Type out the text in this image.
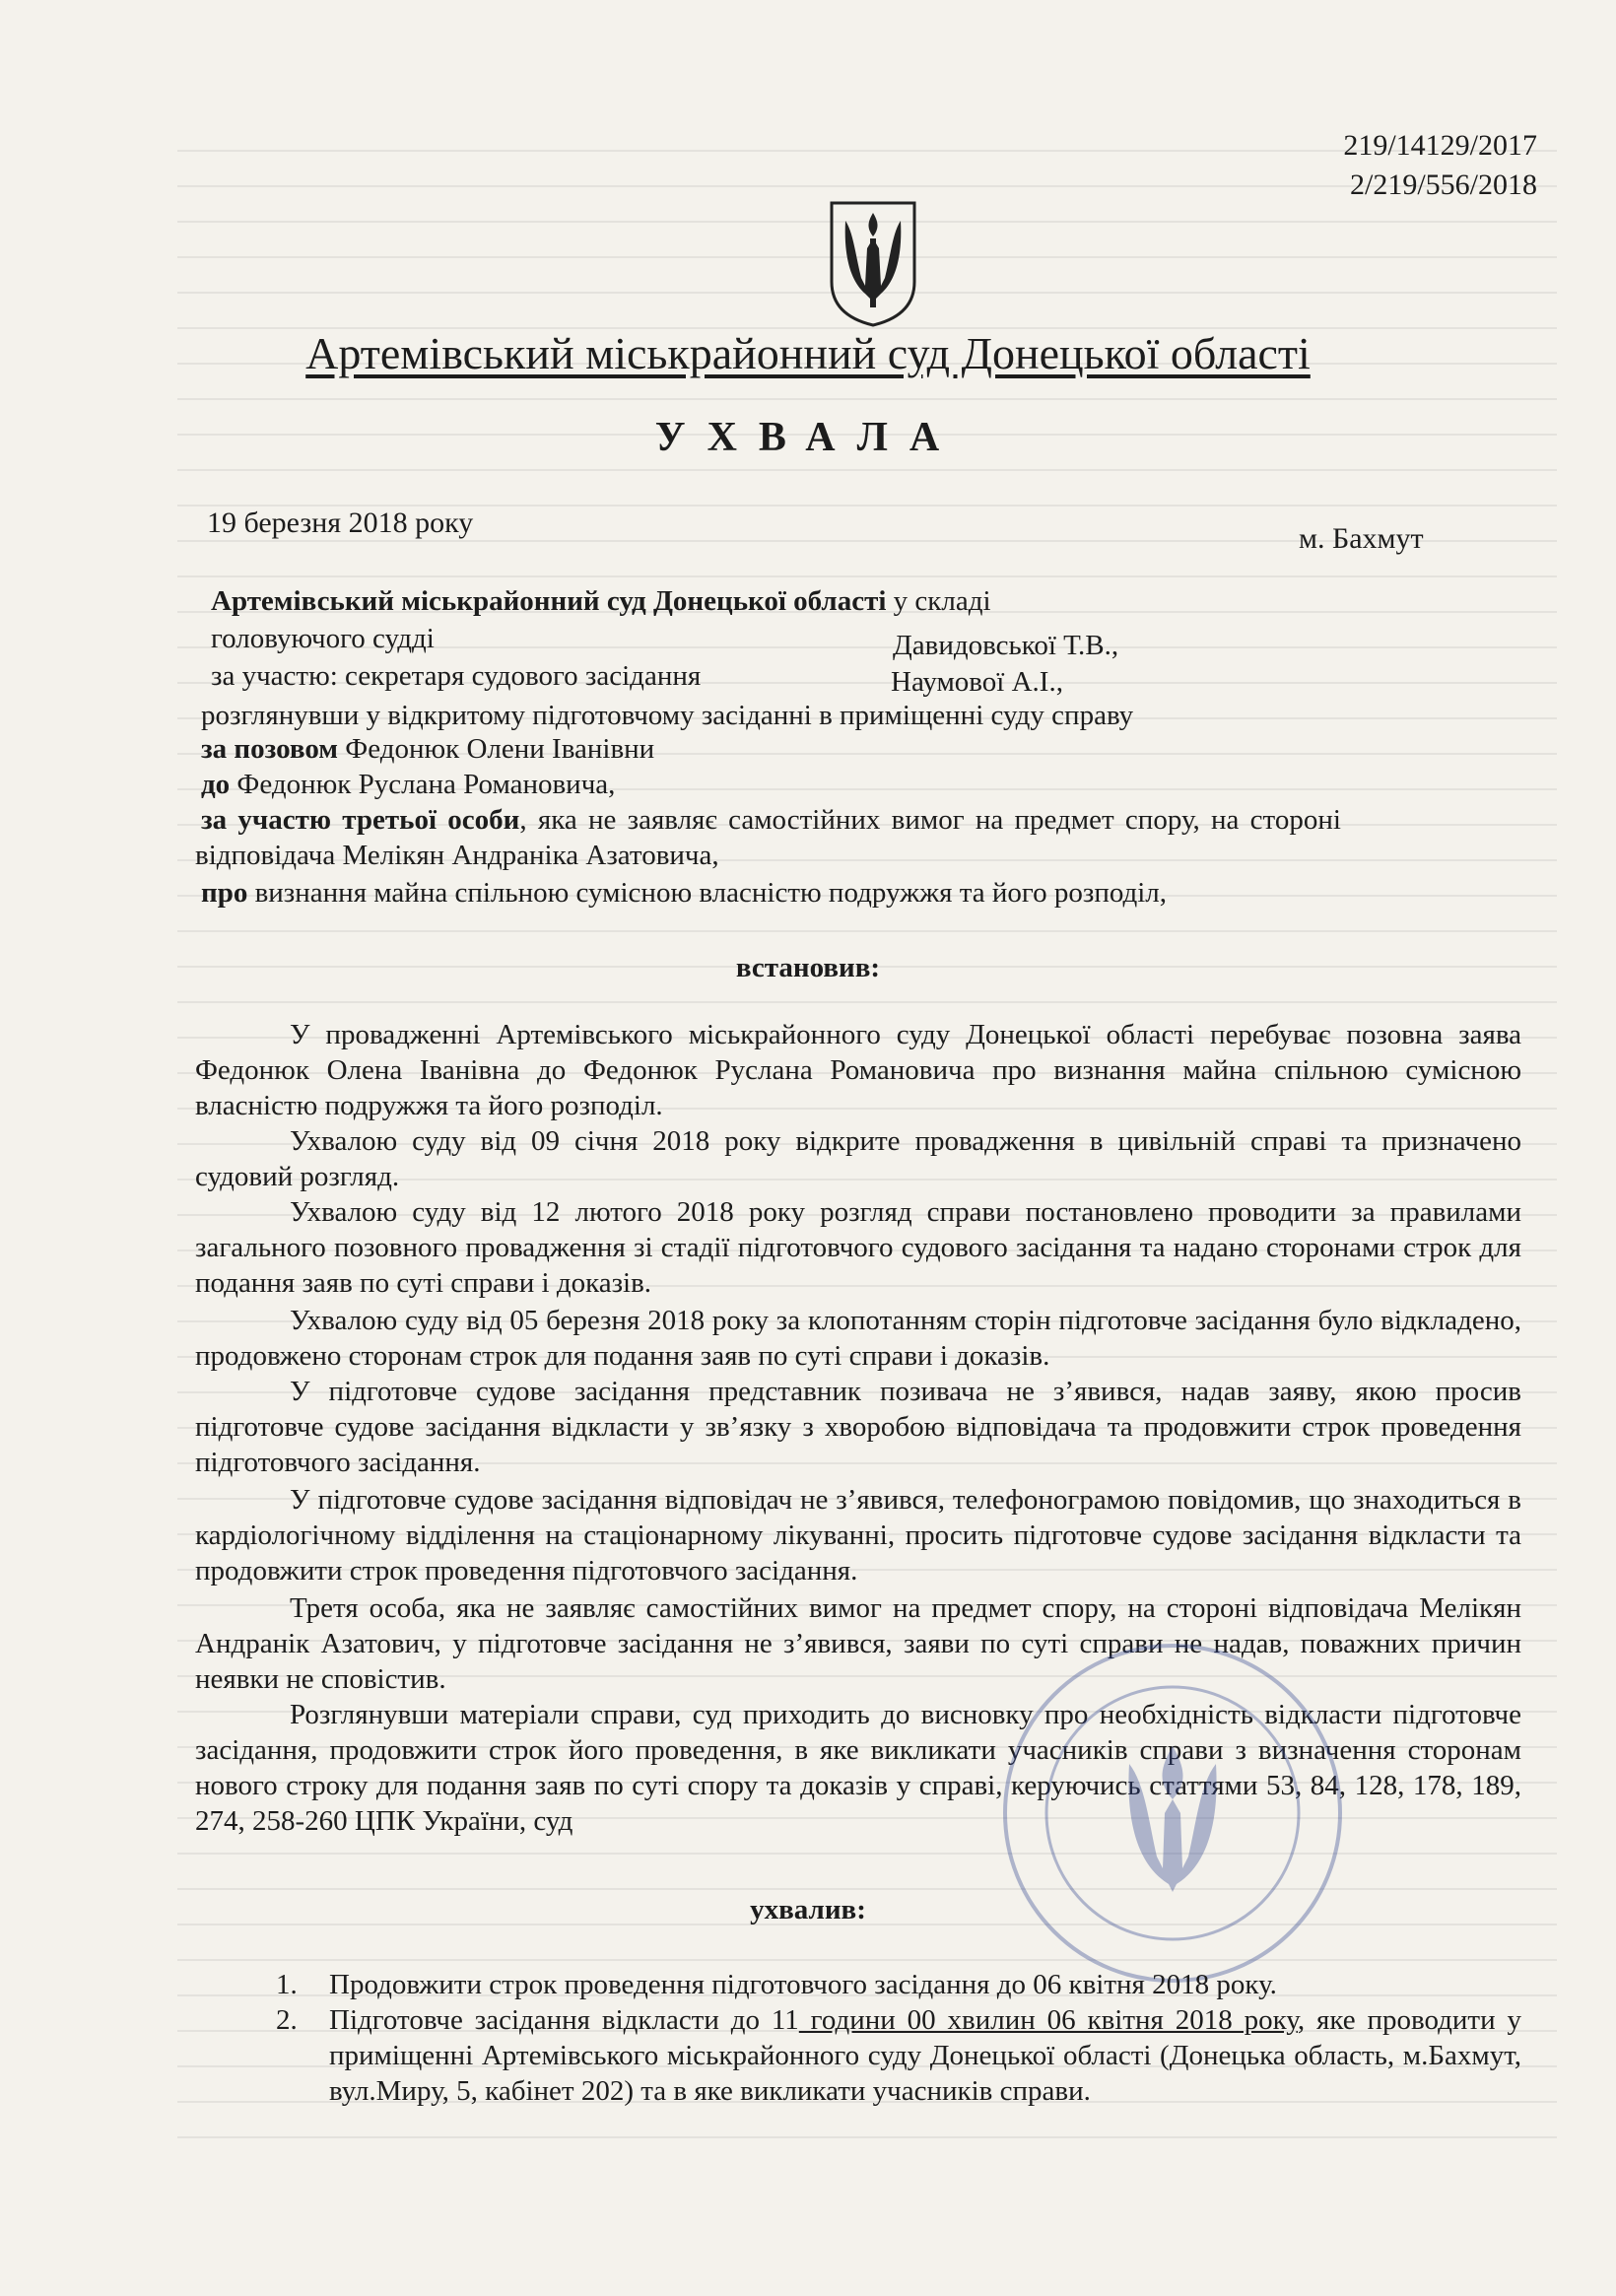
219/14129/2017
2/219/556/2018
Артемівський міськрайонний суд Донецької області
УХВАЛА
19 березня 2018 року	м. Бахмут
Артемівський міськрайонний суд Донецької області у складі
головуючого судді	Давидовської Т.В.,
за участю: секретаря судового засідання	Наумової А.І.,
розглянувши у відкритому підготовчому засіданні в приміщенні суду справу
за позовом Федонюк Олени Іванівни
до Федонюк Руслана Романовича,
за участю третьої особи, яка не заявляє самостійних вимог на предмет спору, на стороні
відповідача Мелікян Андраніка Азатовича,
про визнання майна спільною сумісною власністю подружжя та його розподіл,
встановив:
У провадженні Артемівського міськрайонного суду Донецької області перебуває позовна заява Федонюк Олена Іванівна до Федонюк Руслана Романовича про визнання майна спільною сумісною власністю подружжя та його розподіл.
Ухвалою суду від 09 січня 2018 року відкрите провадження в цивільній справі та призначено судовий розгляд.
Ухвалою суду від 12 лютого 2018 року розгляд справи постановлено проводити за правилами загального позовного провадження зі стадії підготовчого судового засідання та надано сторонами строк для подання заяв по суті справи і доказів.
Ухвалою суду від 05 березня 2018 року за клопотанням сторін підготовче засідання було відкладено, продовжено сторонам строк для подання заяв по суті справи і доказів.
У підготовче судове засідання представник позивача не з’явився, надав заяву, якою просив підготовче судове засідання відкласти у зв’язку з хворобою відповідача та продовжити строк проведення підготовчого засідання.
У підготовче судове засідання відповідач не з’явився, телефонограмою повідомив, що знаходиться в кардіологічному відділення на стаціонарному лікуванні, просить підготовче судове засідання відкласти та продовжити строк проведення підготовчого засідання.
Третя особа, яка не заявляє самостійних вимог на предмет спору, на стороні відповідача Мелікян Андранік Азатович, у підготовче засідання не з’явився, заяви по суті справи не надав, поважних причин неявки не сповістив.
Розглянувши матеріали справи, суд приходить до висновку про необхідність відкласти підготовче засідання, продовжити строк його проведення, в яке викликати учасників справи з визначення сторонам нового строку для подання заяв по суті спору та доказів у справі, керуючись статтями 53, 84, 128, 178, 189, 274, 258-260 ЦПК України, суд
ухвалив:
1. Продовжити строк проведення підготовчого засідання до 06 квітня 2018 року.
2. Підготовче засідання відкласти до 11 години 00 хвилин 06 квітня 2018 року, яке проводити у приміщенні Артемівського міськрайонного суду Донецької області (Донецька область, м.Бахмут, вул.Миру, 5, кабінет 202) та в яке викликати учасників справи.
